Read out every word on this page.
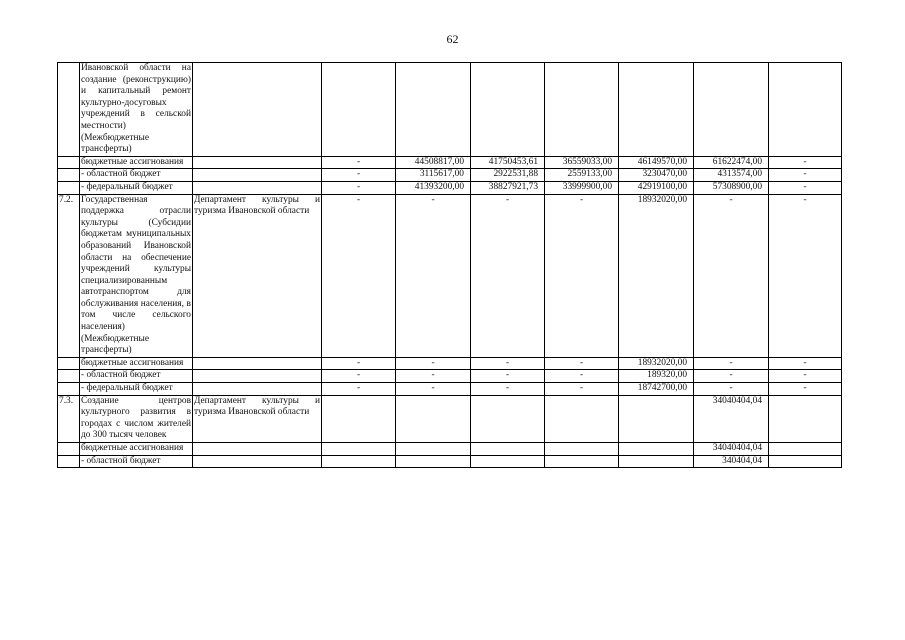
62
	Ивановской области на создание (реконструкцию) и капитальный ремонт культурно-досуговых учреждений в сельской местности) (Межбюджетные трансферты)								
	бюджетные ассигнования		-	44508817,00	41750453,61	36559033,00	46149570,00	61622474,00	-
	- областной бюджет		-	3115617,00	2922531,88	2559133,00	3230470,00	4313574,00	-
	- федеральный бюджет		-	41393200,00	38827921,73	33999900,00	42919100,00	57308900,00	-
7.2.	Государственная поддержка отрасли культуры (Субсидии бюджетам муниципальных образований Ивановской области на обеспечение учреждений культуры специализированным автотранспортом для обслуживания населения, в том числе сельского населения) (Межбюджетные трансферты)	Департамент культуры и туризма Ивановской области	-	-	-	-	18932020,00	-	-
	бюджетные ассигнования		-	-	-	-	18932020,00	-	-
	- областной бюджет		-	-	-	-	189320,00	-	-
	- федеральный бюджет		-	-	-	-	18742700,00	-	-
7.3.	Создание центров культурного развития в городах с числом жителей до 300 тысяч человек	Департамент культуры и туризма Ивановской области						34040404,04	
	бюджетные ассигнования							34040404,04	
	- областной бюджет							340404,04	
